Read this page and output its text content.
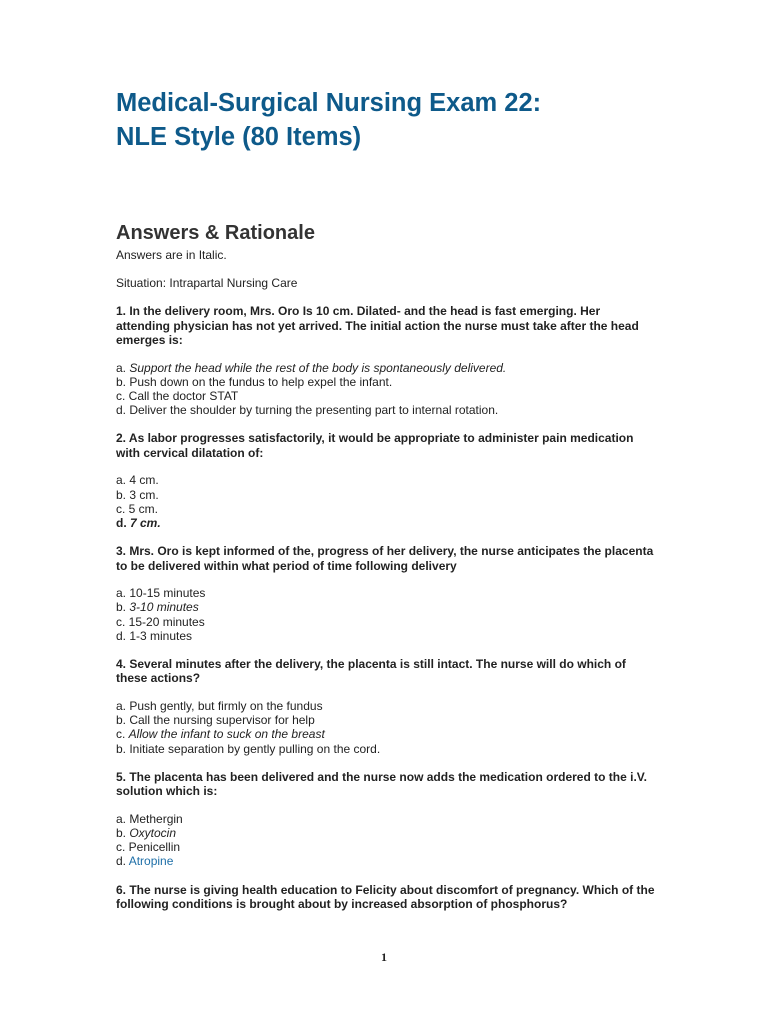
Medical-Surgical Nursing Exam 22:
NLE Style (80 Items)
Answers & Rationale

Answers are in Italic.

Situation: Intrapartal Nursing Care

1. In the delivery room, Mrs. Oro Is 10 cm. Dilated- and the head is fast emerging. Her attending physician has not yet arrived. The initial action the nurse must take after the head emerges is:

a. Support the head while the rest of the body is spontaneously delivered.
b. Push down on the fundus to help expel the infant.
c. Call the doctor STAT
d. Deliver the shoulder by turning the presenting part to internal rotation.

2. As labor progresses satisfactorily, it would be appropriate to administer pain medication with cervical dilatation of:

a. 4 cm.
b. 3 cm.
c. 5 cm.
d. 7 cm.

3. Mrs. Oro is kept informed of the, progress of her delivery, the nurse anticipates the placenta to be delivered within what period of time following delivery

a. 10-15 minutes
b. 3-10 minutes
c. 15-20 minutes
d. 1-3 minutes

4. Several minutes after the delivery, the placenta is still intact. The nurse will do which of these actions?

a. Push gently, but firmly on the fundus
b. Call the nursing supervisor for help
c. Allow the infant to suck on the breast
b. Initiate separation by gently pulling on the cord.

5. The placenta has been delivered and the nurse now adds the medication ordered to the i.V. solution which is:

a. Methergin
b. Oxytocin
c. Penicellin
d. Atropine

6. The nurse is giving health education to Felicity about discomfort of pregnancy. Which of the following conditions is brought about by increased absorption of phosphorus?

1
